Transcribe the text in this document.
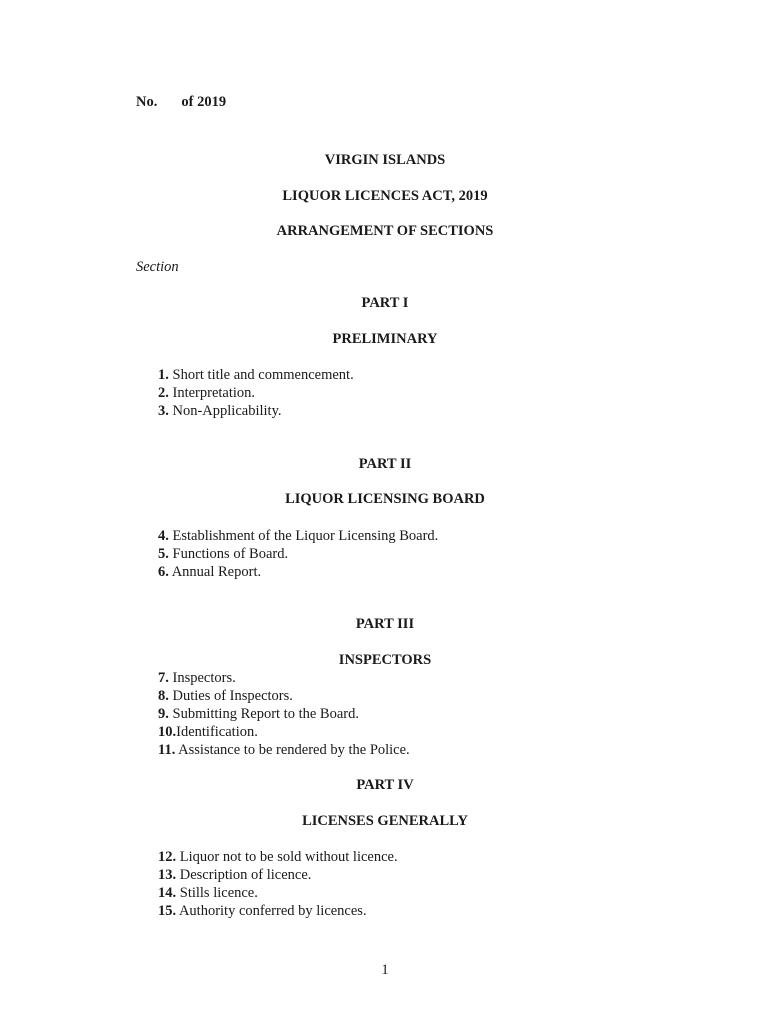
No. of 2019
VIRGIN ISLANDS
LIQUOR LICENCES ACT, 2019
ARRANGEMENT OF SECTIONS
Section
PART I
PRELIMINARY
1. Short title and commencement.
2. Interpretation.
3. Non-Applicability.
PART II
LIQUOR LICENSING BOARD
4. Establishment of the Liquor Licensing Board.
5. Functions of Board.
6. Annual Report.
PART III
INSPECTORS
7. Inspectors.
8. Duties of Inspectors.
9. Submitting Report to the Board.
10.Identification.
11. Assistance to be rendered by the Police.
PART IV
LICENSES GENERALLY
12. Liquor not to be sold without licence.
13. Description of licence.
14. Stills licence.
15. Authority conferred by licences.
1
